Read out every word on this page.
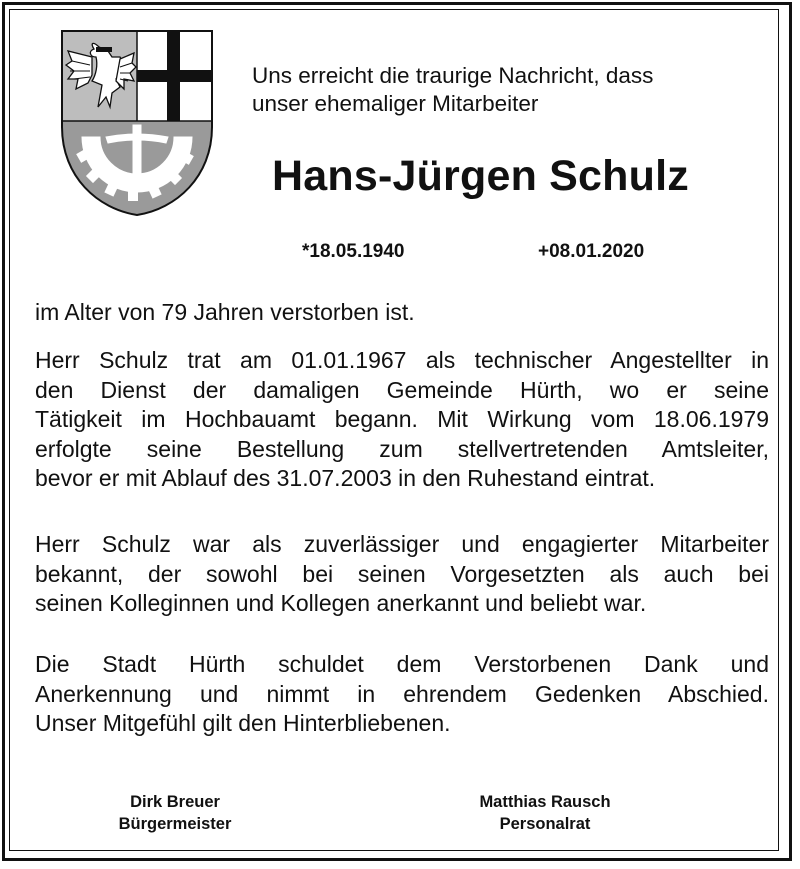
Uns erreicht die traurige Nachricht, dass
unser ehemaliger Mitarbeiter
Hans-Jürgen Schulz
*18.05.1940	+08.01.2020
im Alter von 79 Jahren verstorben ist.
Herr Schulz trat am 01.01.1967 als technischer Angestellter in
den Dienst der damaligen Gemeinde Hürth, wo er seine
Tätigkeit im Hochbauamt begann. Mit Wirkung vom 18.06.1979
erfolgte seine Bestellung zum stellvertretenden Amtsleiter,
bevor er mit Ablauf des 31.07.2003 in den Ruhestand eintrat.
Herr Schulz war als zuverlässiger und engagierter Mitarbeiter
bekannt, der sowohl bei seinen Vorgesetzten als auch bei
seinen Kolleginnen und Kollegen anerkannt und beliebt war.
Die Stadt Hürth schuldet dem Verstorbenen Dank und
Anerkennung und nimmt in ehrendem Gedenken Abschied.
Unser Mitgefühl gilt den Hinterbliebenen.
Dirk Breuer
Bürgermeister
Matthias Rausch
Personalrat
